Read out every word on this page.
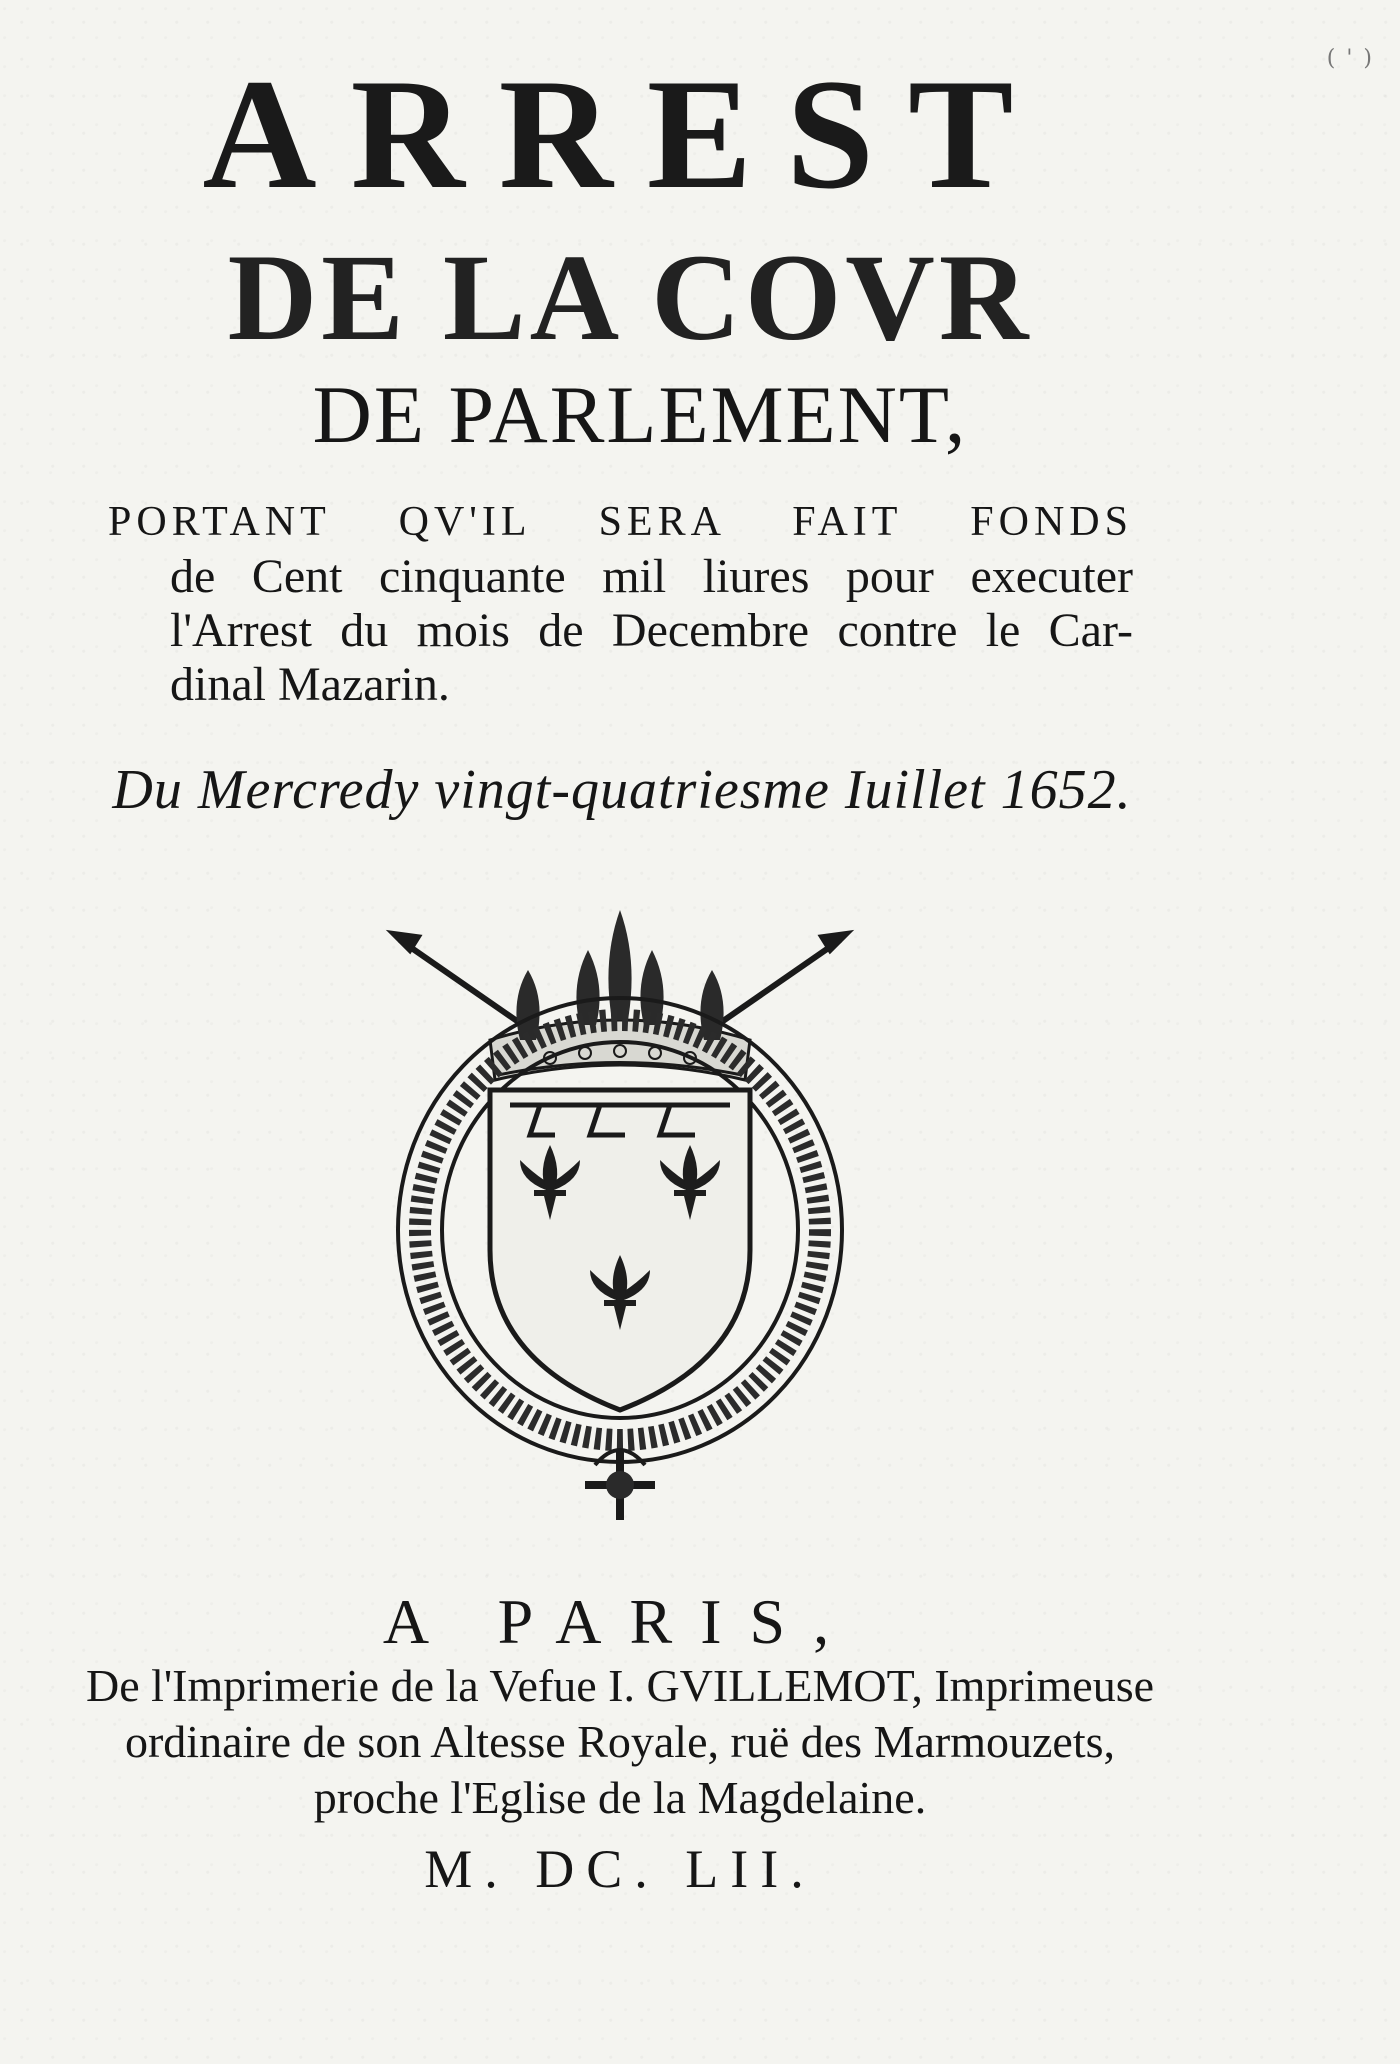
( ' )
ARREST
DE LA COVR
DE PARLEMENT,
PORTANT QV'IL SERA FAIT FONDS
de Cent cinquante mil liures pour executer
l'Arrest du mois de Decembre contre le Car-
dinal Mazarin.
Du Mercredy vingt-quatriesme Iuillet 1652.
A PARIS,
De l'Imprimerie de la Vefue I. GVILLEMOT, Imprimeuse
ordinaire de son Altesse Royale, ruë des Marmouzets,
proche l'Eglise de la Magdelaine.
M. DC. LII.
